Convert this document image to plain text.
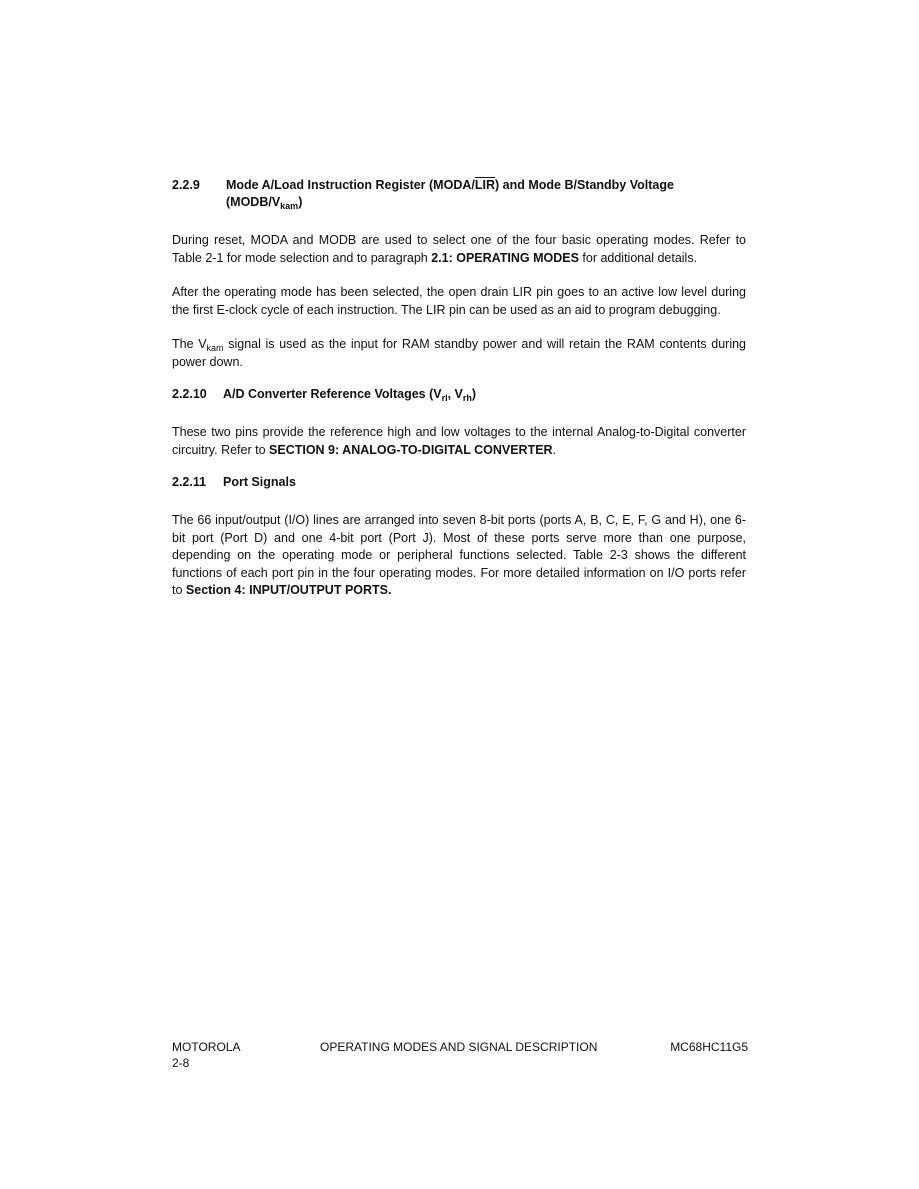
2.2.9	Mode A/Load Instruction Register $(MODA/\overline{LIR})$ and Mode B/Standby Voltage
$(MODB/V_{kam})$

During reset, MODA and MODB are used to select one of the four basic operating modes. Refer to Table 2-1 for mode selection and to paragraph 2.1: OPERATING MODES for additional details.

After the operating mode has been selected, the open drain LIR pin goes to an active low level during the first E-clock cycle of each instruction. The LIR pin can be used as an aid to program debugging.

The $V_{kam}$ signal is used as the input for RAM standby power and will retain the RAM contents during power down.

2.2.10	A/D Converter Reference Voltages ($V_{rl}$, $V_{rh}$)

These two pins provide the reference high and low voltages to the internal Analog-to-Digital converter circuitry. Refer to SECTION 9: ANALOG-TO-DIGITAL CONVERTER.

2.2.11	Port Signals

The 66 input/output (I/O) lines are arranged into seven 8-bit ports (ports A, B, C, E, F, G and H), one 6-bit port (Port D) and one 4-bit port (Port J). Most of these ports serve more than one purpose, depending on the operating mode or peripheral functions selected. Table 2-3 shows the different functions of each port pin in the four operating modes. For more detailed information on I/O ports refer to Section 4: INPUT/OUTPUT PORTS.

MOTOROLA	OPERATING MODES AND SIGNAL DESCRIPTION	MC68HC11G5
2-8
